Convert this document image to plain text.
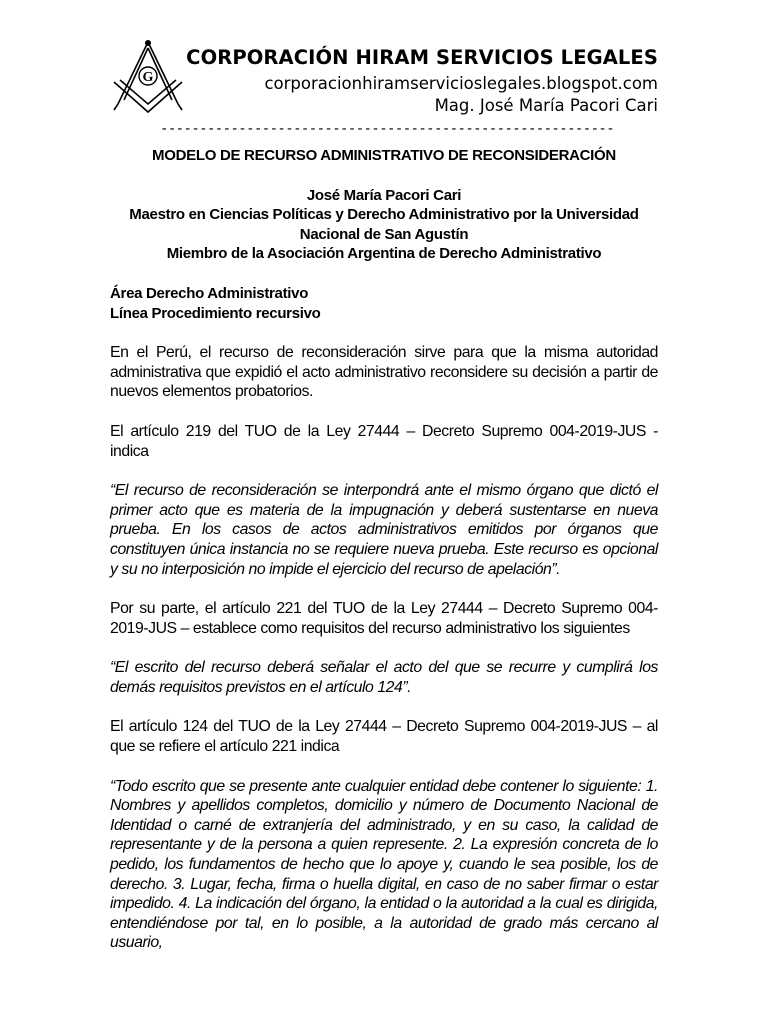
G
CORPORACIÓN HIRAM SERVICIOS LEGALES
corporacionhiramservicioslegales.blogspot.com
Mag. José María Pacori Cari
----------------------------------------------------------
MODELO DE RECURSO ADMINISTRATIVO DE RECONSIDERACIÓN
José María Pacori Cari
Maestro en Ciencias Políticas y Derecho Administrativo por la Universidad Nacional de San Agustín
Miembro de la Asociación Argentina de Derecho Administrativo
Área Derecho Administrativo
Línea Procedimiento recursivo

En el Perú, el recurso de reconsideración sirve para que la misma autoridad administrativa que expidió el acto administrativo reconsidere su decisión a partir de nuevos elementos probatorios.

El artículo 219 del TUO de la Ley 27444 – Decreto Supremo 004-2019-JUS - indica

“El recurso de reconsideración se interpondrá ante el mismo órgano que dictó el primer acto que es materia de la impugnación y deberá sustentarse en nueva prueba. En los casos de actos administrativos emitidos por órganos que constituyen única instancia no se requiere nueva prueba. Este recurso es opcional y su no interposición no impide el ejercicio del recurso de apelación”.

Por su parte, el artículo 221 del TUO de la Ley 27444 – Decreto Supremo 004-2019-JUS – establece como requisitos del recurso administrativo los siguientes

“El escrito del recurso deberá señalar el acto del que se recurre y cumplirá los demás requisitos previstos en el artículo 124”.

El artículo 124 del TUO de la Ley 27444 – Decreto Supremo 004-2019-JUS – al que se refiere el artículo 221 indica

“Todo escrito que se presente ante cualquier entidad debe contener lo siguiente: 1. Nombres y apellidos completos, domicilio y número de Documento Nacional de Identidad o carné de extranjería del administrado, y en su caso, la calidad de representante y de la persona a quien represente. 2. La expresión concreta de lo pedido, los fundamentos de hecho que lo apoye y, cuando le sea posible, los de derecho. 3. Lugar, fecha, firma o huella digital, en caso de no saber firmar o estar impedido. 4. La indicación del órgano, la entidad o la autoridad a la cual es dirigida, entendiéndose por tal, en lo posible, a la autoridad de grado más cercano al usuario,
